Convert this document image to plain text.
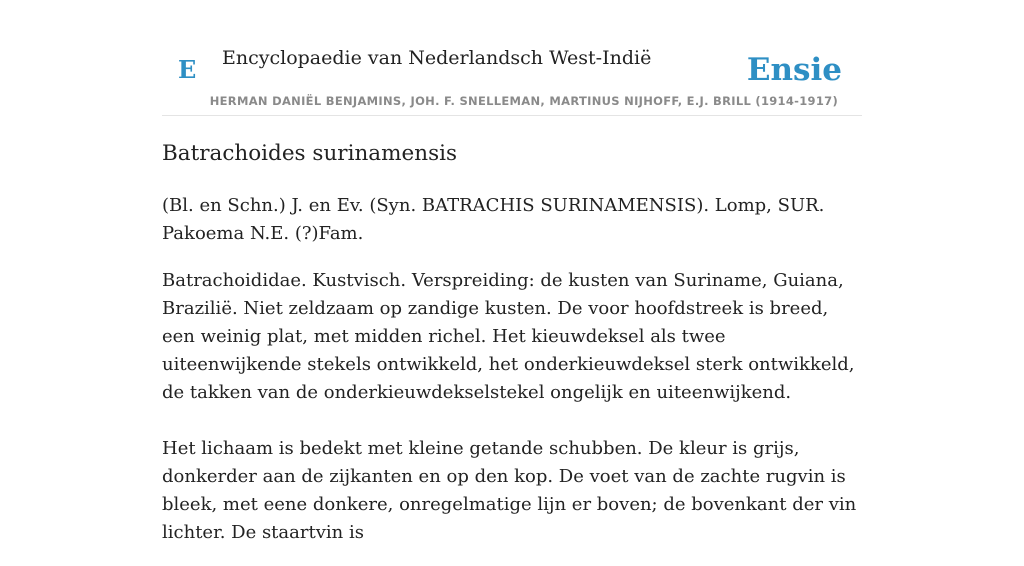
E Encyclopaedie van Nederlandsch West-Indië	Ensie
HERMAN DANIËL BENJAMINS, JOH. F. SNELLEMAN, MARTINUS NIJHOFF, E.J. BRILL (1914-1917)
Batrachoides surinamensis

(Bl. en Schn.) J. en Ev. (Syn. BATRACHIS SURINAMENSIS). Lomp, SUR. Pakoema N.E. (?)Fam.

Batrachoididae. Kustvisch. Verspreiding: de kusten van Suriname, Guiana, Brazilië. Niet zeldzaam op zandige kusten. De voor hoofdstreek is breed, een weinig plat, met midden richel. Het kieuwdeksel als twee uiteenwijkende stekels ontwikkeld, het onderkieuwdeksel sterk ontwikkeld, de takken van de onderkieuwdekselstekel ongelijk en uiteenwijkend.

Het lichaam is bedekt met kleine getande schubben. De kleur is grijs, donkerder aan de zijkanten en op den kop. De voet van de zachte rugvin is bleek, met eene donkere, onregelmatige lijn er boven; de bovenkant der vin lichter. De staartvin is
